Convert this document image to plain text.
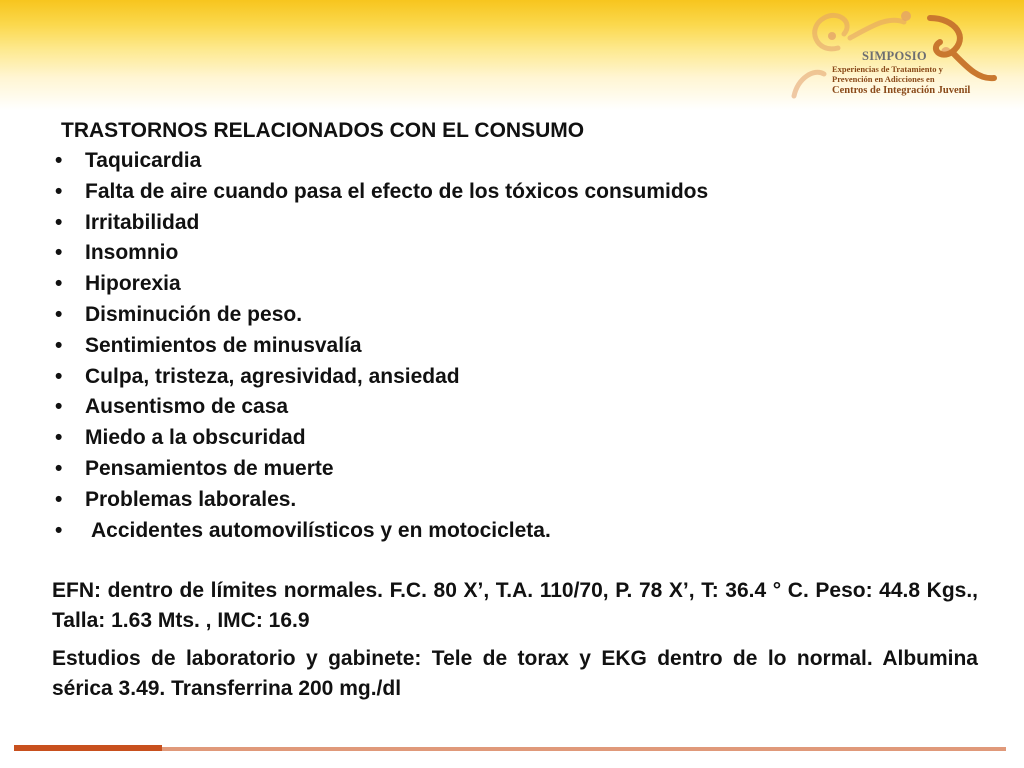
SIMPOSIO
Experiencias de Tratamiento y
Prevención en Adicciones en
Centros de Integración Juvenil
TRASTORNOS RELACIONADOS CON EL CONSUMO
• Taquicardia
• Falta de aire cuando pasa el efecto de los tóxicos consumidos
• Irritabilidad
• Insomnio
• Hiporexia
• Disminución de peso.
• Sentimientos de minusvalía
• Culpa, tristeza, agresividad, ansiedad
• Ausentismo de casa
• Miedo a la obscuridad
• Pensamientos de muerte
• Problemas laborales.
• Accidentes automovilísticos y en motocicleta.

EFN: dentro de límites normales. F.C. 80 X’, T.A. 110/70, P. 78 X’, T: 36.4 ° C. Peso: 44.8 Kgs., Talla: 1.63 Mts. , IMC: 16.9

Estudios de laboratorio y gabinete: Tele de torax y EKG dentro de lo normal. Albumina sérica 3.49. Transferrina 200 mg./dl
